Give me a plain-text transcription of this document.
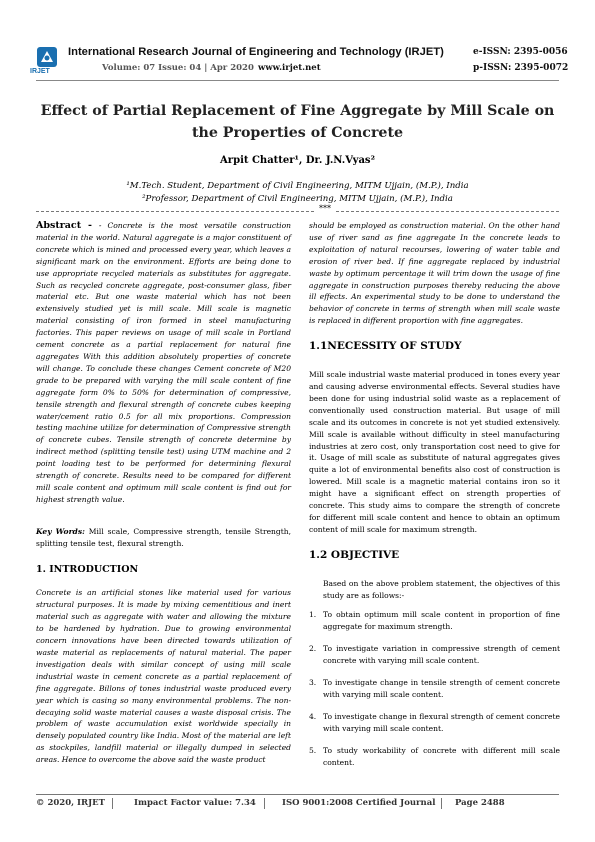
IRJET
International Research Journal of Engineering and Technology (IRJET)
Volume: 07 Issue: 04 | Apr 2020 www.irjet.net
e-ISSN: 2395-0056
p-ISSN: 2395-0072
Effect of Partial Replacement of Fine Aggregate by Mill Scale on the Properties of Concrete
Arpit Chatter¹, Dr. J.N.Vyas²
¹M.Tech. Student, Department of Civil Engineering, MITM Ujjain, (M.P.), India
²Professor, Department of Civil Engineering, MITM Ujjain, (M.P.), India
***
Abstract - - Concrete is the most versatile construction material in the world. Natural aggregate is a major constituent of concrete which is mined and processed every year, which leaves a significant mark on the environment. Efforts are being done to use appropriate recycled materials as substitutes for aggregate. Such as recycled concrete aggregate, post-consumer glass, fiber material etc. But one waste material which has not been extensively studied yet is mill scale. Mill scale is magnetic material consisting of iron formed in steel manufacturing factories. This paper reviews on usage of mill scale in Portland cement concrete as a partial replacement for natural fine aggregates With this addition absolutely properties of concrete will change. To conclude these changes Cement concrete of M20 grade to be prepared with varying the mill scale content of fine aggregate form 0% to 50% for determination of compressive, tensile strength and flexural strength of concrete cubes keeping water/cement ratio 0.5 for all mix proportions. Compression testing machine utilize for determination of Compressive strength of concrete cubes. Tensile strength of concrete determine by indirect method (splitting tensile test) using UTM machine and 2 point loading test to be performed for determining flexural strength of concrete. Results need to be compared for different mill scale content and optimum mill scale content is find out for highest strength value.
Key Words: Mill scale, Compressive strength, tensile Strength, splitting tensile test, flexural strength.
1. INTRODUCTION
Concrete is an artificial stones like material used for various structural purposes. It is made by mixing cementitious and inert material such as aggregate with water and allowing the mixture to be hardened by hydration. Due to growing environmental concern innovations have been directed towards utilization of waste material as replacements of natural material. The paper investigation deals with similar concept of using mill scale industrial waste in cement concrete as a partial replacement of fine aggregate. Billons of tones industrial waste produced every year which is casing so many environmental problems. The non-decaying solid waste material causes a waste disposal crisis. The problem of waste accumulation exist worldwide specially in densely populated country like India. Most of the material are left as stockpiles, landfill material or illegally dumped in selected areas. Hence to overcome the above said the waste product
should be employed as construction material. On the other hand use of river sand as fine aggregate In the concrete leads to exploitation of natural recourses, lowering of water table and erosion of river bed. If fine aggregate replaced by industrial waste by optimum percentage it will trim down the usage of fine aggregate in construction purposes thereby reducing the above ill effects. An experimental study to be done to understand the behavior of concrete in terms of strength when mill scale waste is replaced in different proportion with fine aggregates.
1.1NECESSITY OF STUDY
Mill scale industrial waste material produced in tones every year and causing adverse environmental effects. Several studies have been done for using industrial solid waste as a replacement of conventionally used construction material. But usage of mill scale and its outcomes in concrete is not yet studied extensively. Mill scale is available without difficulty in steel manufacturing industries at zero cost, only transportation cost need to give for it. Usage of mill scale as substitute of natural aggregates gives quite a lot of environmental benefits also cost of construction is lowered. Mill scale is a magnetic material contains iron so it might have a significant effect on strength properties of concrete. This study aims to compare the strength of concrete for different mill scale content and hence to obtain an optimum content of mill scale for maximum strength.
1.2 OBJECTIVE
Based on the above problem statement, the objectives of this study are as follows:-
1. To obtain optimum mill scale content in proportion of fine aggregate for maximum strength.
2. To investigate variation in compressive strength of cement concrete with varying mill scale content.
3. To investigate change in tensile strength of cement concrete with varying mill scale content.
4. To investigate change in flexural strength of cement concrete with varying mill scale content.
5. To study workability of concrete with different mill scale content.
© 2020, IRJET	Impact Factor value: 7.34	ISO 9001:2008 Certified Journal Page 2488
